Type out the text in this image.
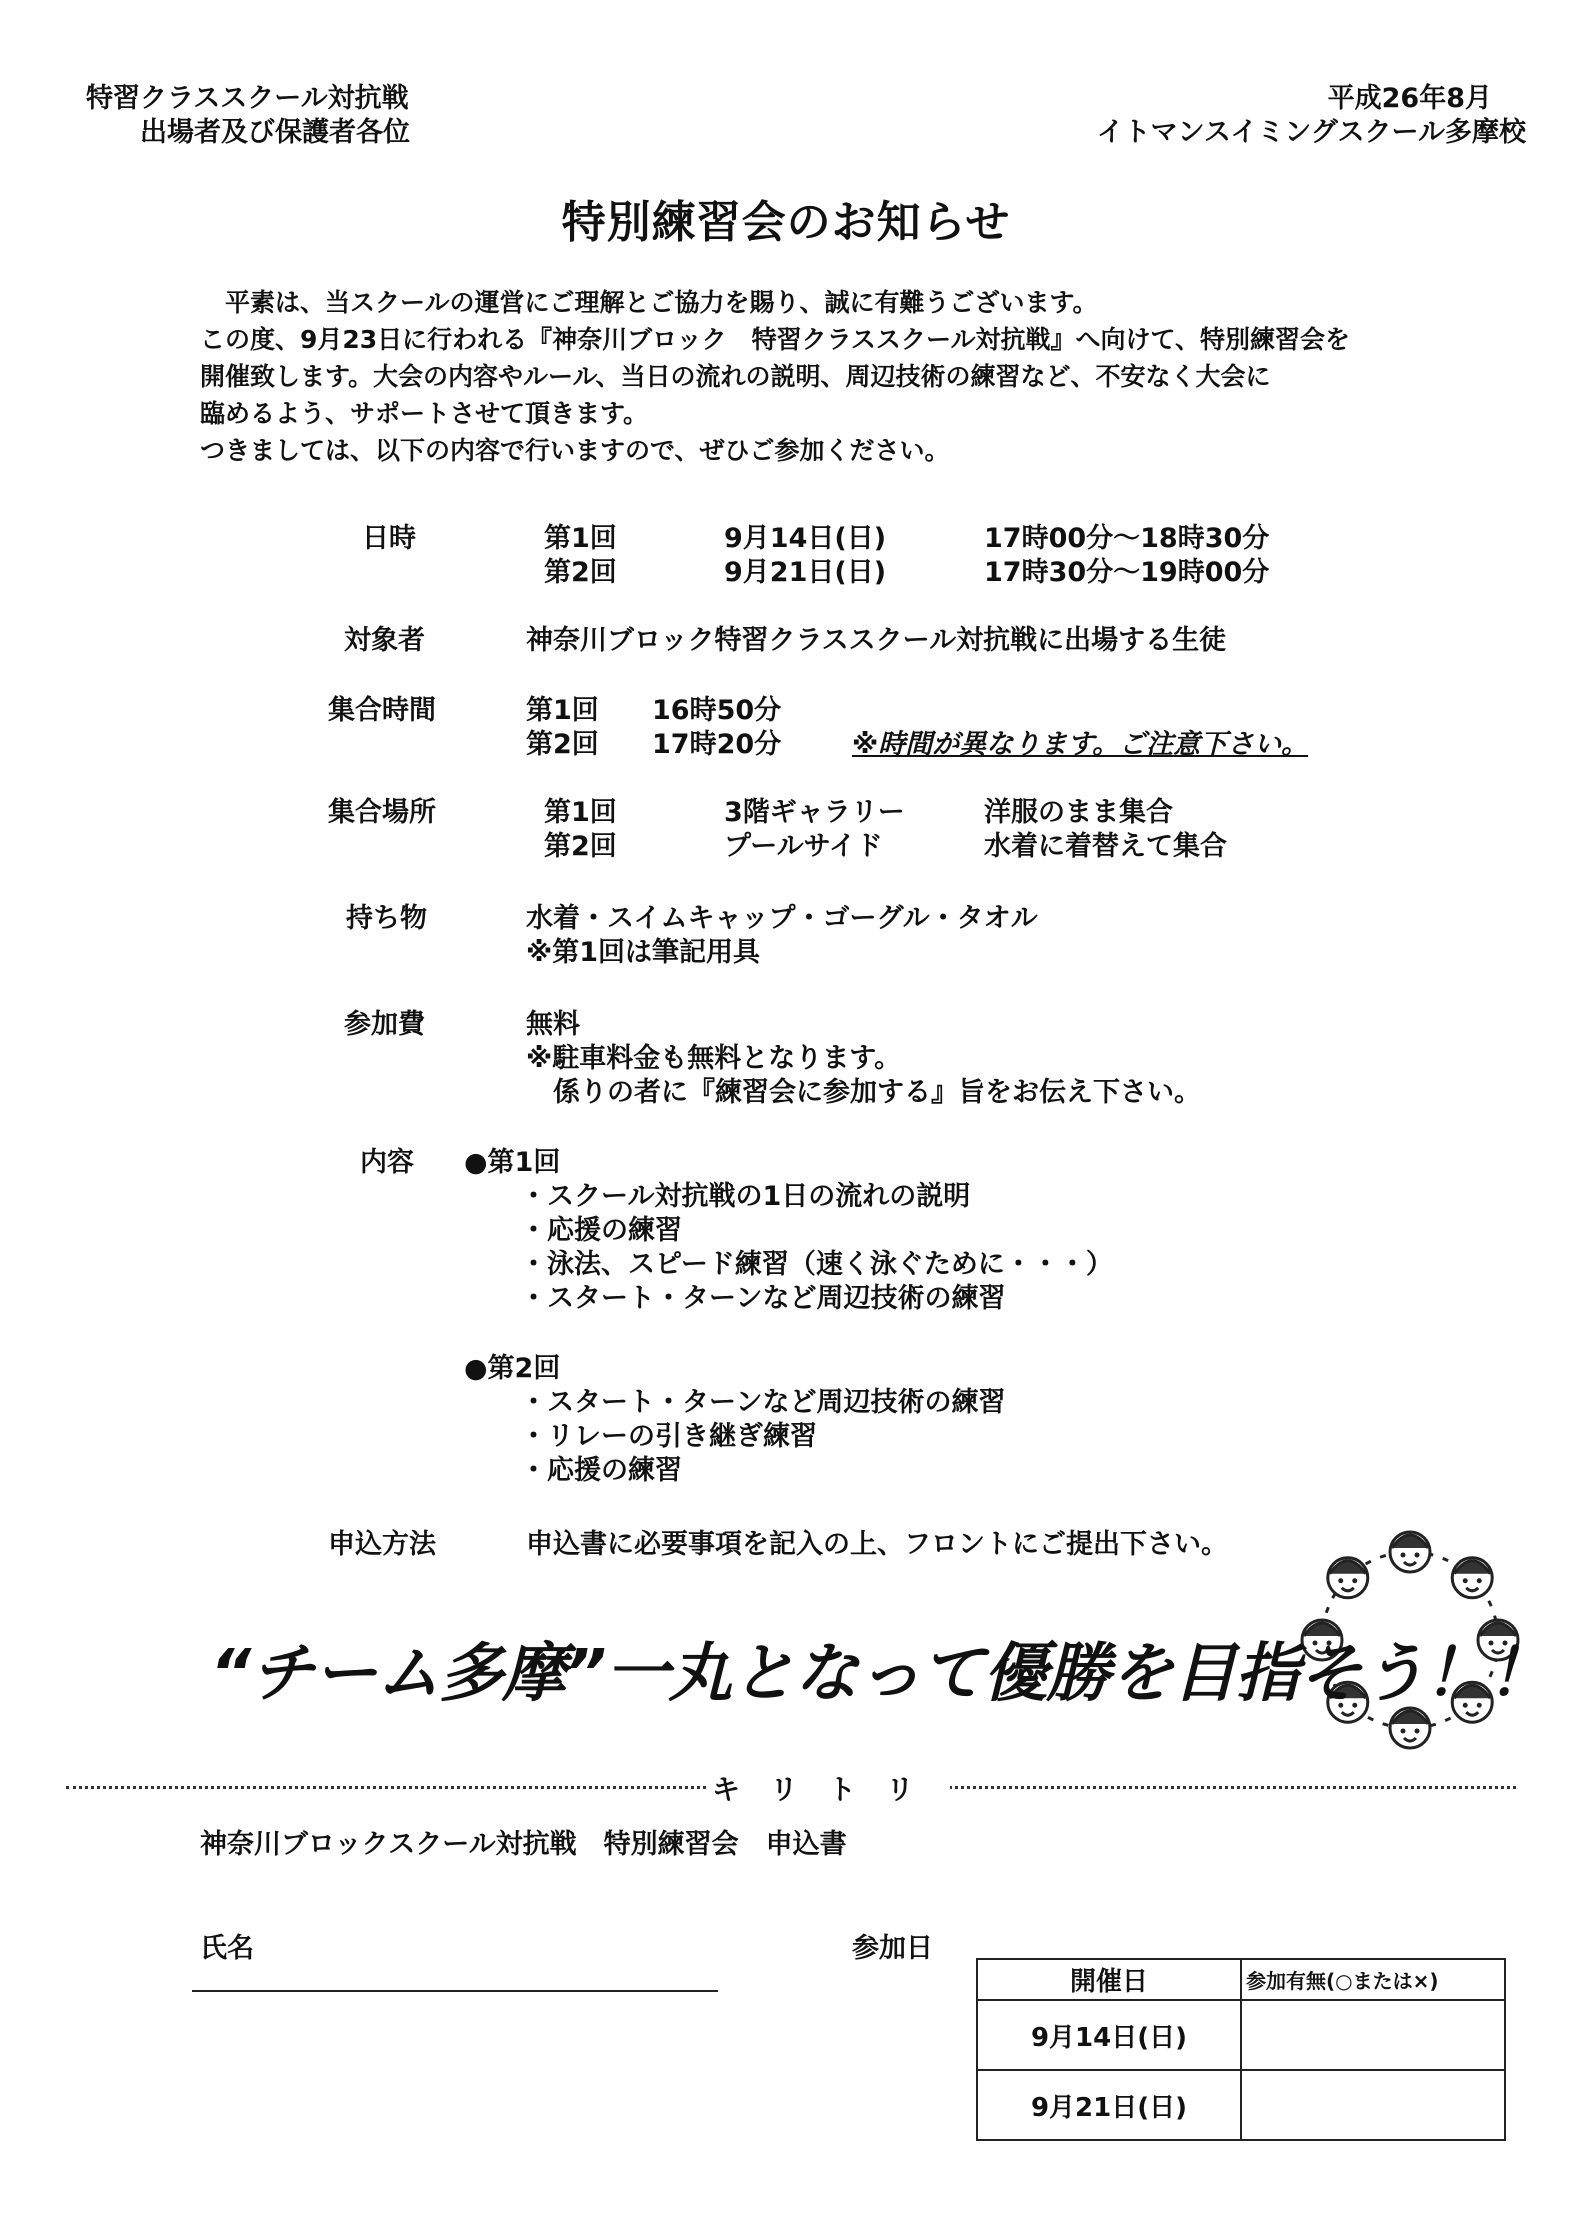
特習クラススクール対抗戦
出場者及び保護者各位
平成26年8月
イトマンスイミングスクール多摩校
特別練習会のお知らせ
　平素は、当スクールの運営にご理解とご協力を賜り、誠に有難うございます。
この度、9月23日に行われる『神奈川ブロック　特習クラススクール対抗戦』へ向けて、特別練習会を
開催致します。大会の内容やルール、当日の流れの説明、周辺技術の練習など、不安なく大会に
臨めるよう、サポートさせて頂きます。
つきましては、以下の内容で行いますので、ぜひご参加ください。
日時	第1回	9月14日(日)	17時00分～18時30分
第2回	9月21日(日)	17時30分～19時00分
対象者	神奈川ブロック特習クラススクール対抗戦に出場する生徒
集合時間	第1回 16時50分
第2回 17時20分	※時間が異なります。ご注意下さい。
集合場所	第1回	3階ギャラリー	洋服のまま集合
第2回	プールサイド	水着に着替えて集合
持ち物	水着・スイムキャップ・ゴーグル・タオル
※第1回は筆記用具
参加費	無料
※駐車料金も無料となります。
　係りの者に『練習会に参加する』旨をお伝え下さい。
内容 ●第1回
・スクール対抗戦の1日の流れの説明
・応援の練習
・泳法、スピード練習（速く泳ぐために・・・）
・スタート・ターンなど周辺技術の練習
●第2回
・スタート・ターンなど周辺技術の練習
・リレーの引き継ぎ練習
・応援の練習
申込方法	申込書に必要事項を記入の上、フロントにご提出下さい。
“チーム多摩”一丸となって優勝を目指そう！！
キリトリ
神奈川ブロックスクール対抗戦　特別練習会　申込書
氏名	参加日
開催日	参加有無(○または×)
9月14日(日)	
9月21日(日)	
